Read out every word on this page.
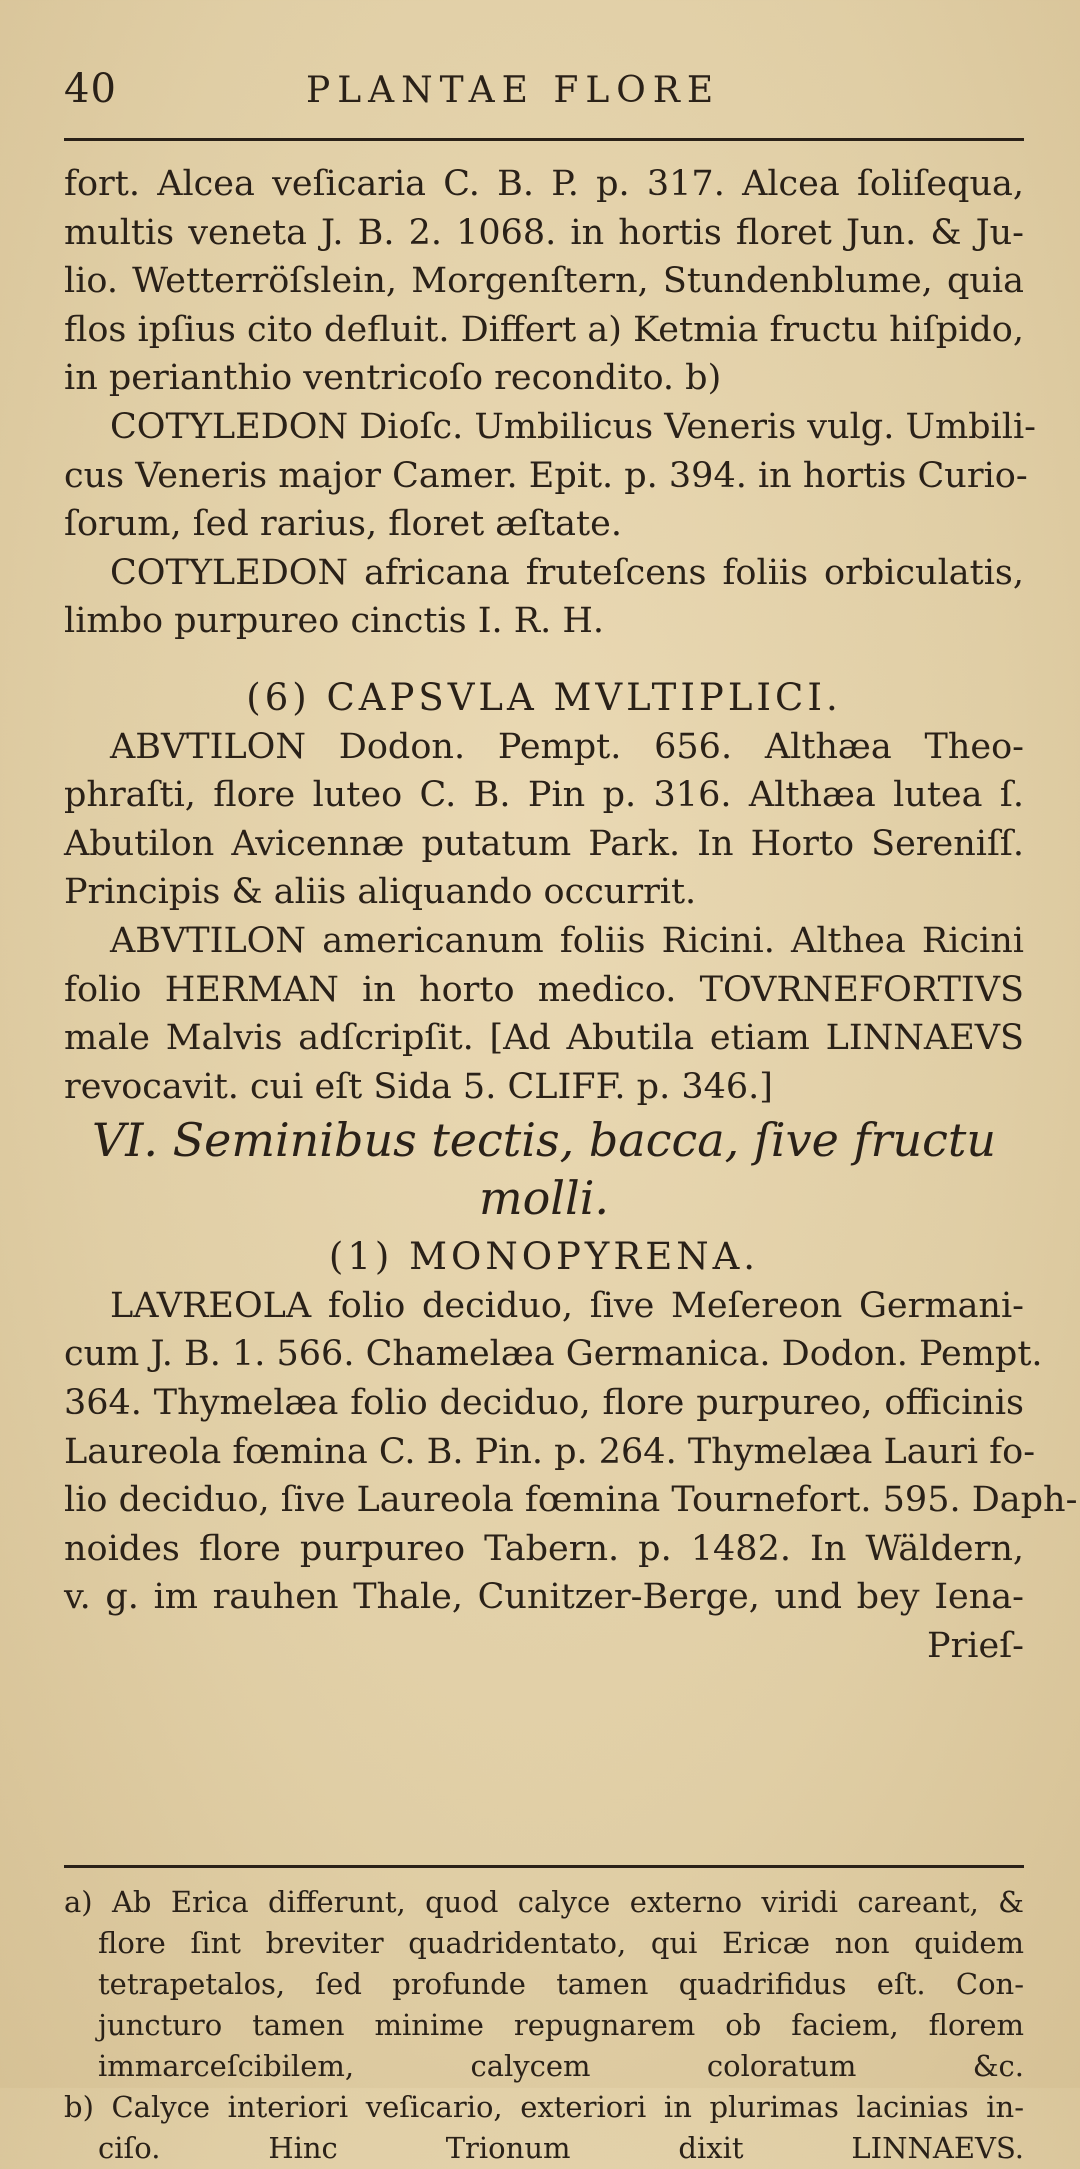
40	PLANTAE FLORE
fort. Alcea veſicaria C. B. P. p. 317. Alcea ſoliſequa,
multis veneta J. B. 2. 1068. in hortis floret Jun. & Ju-
lio. Wetterröſslein, Morgenſtern, Stundenblume, quia
flos ipſius cito defluit. Differt a) Ketmia fructu hiſpido,
in perianthio ventricoſo recondito. b)
COTYLEDON Dioſc. Umbilicus Veneris vulg. Umbili-
cus Veneris major Camer. Epit. p. 394. in hortis Curio-
ſorum, ſed rarius, floret æſtate.
COTYLEDON africana fruteſcens foliis orbiculatis,
limbo purpureo cinctis I. R. H.
(6) CAPSVLA MVLTIPLICI.
ABVTILON Dodon. Pempt. 656. Althæa Theo-
phraſti, flore luteo C. B. Pin p. 316. Althæa lutea ſ.
Abutilon Avicennæ putatum Park. In Horto Sereniſſ.
Principis & aliis aliquando occurrit.
ABVTILON americanum foliis Ricini. Althea Ricini
folio HERMAN in horto medico. TOVRNEFORTIVS
male Malvis adſcripſit. [Ad Abutila etiam LINNAEVS
revocavit. cui eſt Sida 5. CLIFF. p. 346.]
VI. Seminibus tectis, bacca, ſive fructu
molli.
(1) MONOPYRENA.
LAVREOLA folio deciduo, ſive Meſereon Germani-
cum J. B. 1. 566. Chamelæa Germanica. Dodon. Pempt.
364. Thymelæa folio deciduo, flore purpureo, officinis
Laureola fœmina C. B. Pin. p. 264. Thymelæa Lauri fo-
lio deciduo, ſive Laureola fœmina Tournefort. 595. Daph-
noides flore purpureo Tabern. p. 1482. In Wäldern,
v. g. im rauhen Thale, Cunitzer-Berge, und bey Iena-
Prieſ-
a) Ab Erica differunt, quod calyce externo viridi careant, &
flore ſint breviter quadridentato, qui Ericæ non quidem
tetrapetalos, ſed profunde tamen quadrifidus eſt. Con-
juncturo tamen minime repugnarem ob faciem, florem
immarceſcibilem, calycem coloratum &c.
b) Calyce interiori veſicario, exteriori in plurimas lacinias in-
ciſo. Hinc Trionum dixit LINNAEVS.
